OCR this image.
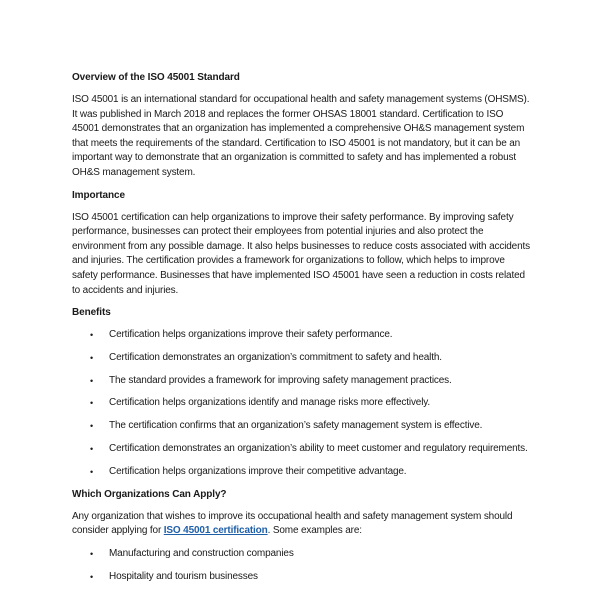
Overview of the ISO 45001 Standard

ISO 45001 is an international standard for occupational health and safety management systems (OHSMS). It was published in March 2018 and replaces the former OHSAS 18001 standard. Certification to ISO 45001 demonstrates that an organization has implemented a comprehensive OH&S management system that meets the requirements of the standard. Certification to ISO 45001 is not mandatory, but it can be an important way to demonstrate that an organization is committed to safety and has implemented a robust OH&S management system.

Importance

ISO 45001 certification can help organizations to improve their safety performance. By improving safety performance, businesses can protect their employees from potential injuries and also protect the environment from any possible damage. It also helps businesses to reduce costs associated with accidents and injuries. The certification provides a framework for organizations to follow, which helps to improve safety performance. Businesses that have implemented ISO 45001 have seen a reduction in costs related to accidents and injuries.

Benefits

• Certification helps organizations improve their safety performance.
• Certification demonstrates an organization’s commitment to safety and health.
• The standard provides a framework for improving safety management practices.
• Certification helps organizations identify and manage risks more effectively.
• The certification confirms that an organization’s safety management system is effective.
• Certification demonstrates an organization’s ability to meet customer and regulatory requirements.
• Certification helps organizations improve their competitive advantage.

Which Organizations Can Apply?

Any organization that wishes to improve its occupational health and safety management system should consider applying for ISO 45001 certification. Some examples are:

• Manufacturing and construction companies
• Hospitality and tourism businesses
